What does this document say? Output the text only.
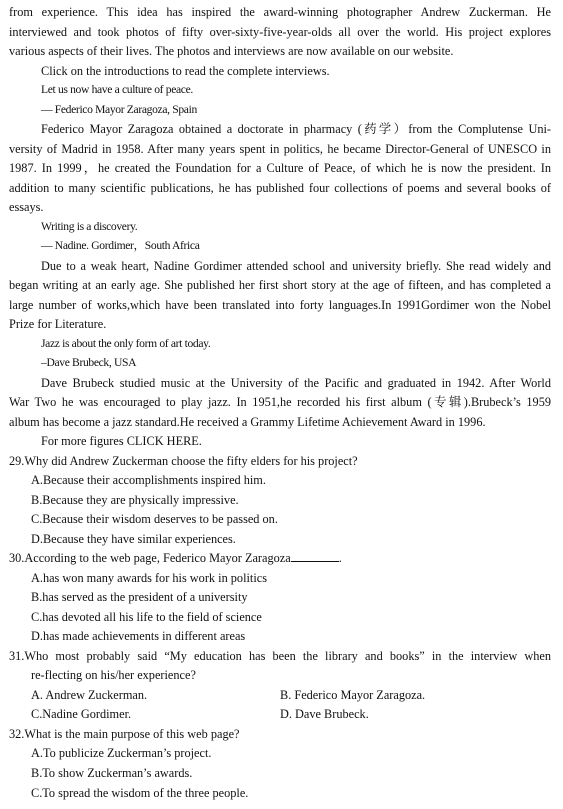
from experience. This idea has inspired the award-winning photographer Andrew Zuckerman. He
interviewed and took photos of fifty over-sixty-five-year-olds all over the world. His project explores
various aspects of their lives. The photos and interviews are now available on our website.
Click on the introductions to read the complete interviews.
Let us now have a culture of peace.
— Federico Mayor Zaragoza, Spain
Federico Mayor Zaragoza obtained a doctorate in pharmacy (药学）from the Complutense Uni-
versity of Madrid in 1958. After many years spent in politics, he became Director-General of UNESCO in
1987. In 1999，he created the Foundation for a Culture of Peace, of which he is now the president. In
addition to many scientific publications, he has published four collections of poems and several books of
essays.
Writing is a discovery.
— Nadine. Gordimer，South Africa
Due to a weak heart, Nadine Gordimer attended school and university briefly. She read widely and
began writing at an early age. She published her first short story at the age of fifteen, and has completed a
large number of works,which have been translated into forty languages.In 1991Gordimer won the Nobel
Prize for Literature.
Jazz is about the only form of art today.
–Dave Brubeck, USA
Dave Brubeck studied music at the University of the Pacific and graduated in 1942. After World
War Two he was encouraged to play jazz. In 1951,he recorded his first album (专辑).Brubeck’s 1959
album has become a jazz standard.He received a Grammy Lifetime Achievement Award in 1996.
For more figures CLICK HERE.
29.Why did Andrew Zuckerman choose the fifty elders for his project?
A.Because their accomplishments inspired him.
B.Because they are physically impressive.
C.Because their wisdom deserves to be passed on.
D.Because they have similar experiences.
30.According to the web page, Federico Mayor Zaragoza	.
A.has won many awards for his work in politics
B.has served as the president of a university
C.has devoted all his life to the field of science
D.has made achievements in different areas
31.Who most probably said “My education has been the library and books” in the interview when
re-flecting on his/her experience?
A. Andrew Zuckerman.	B. Federico Mayor Zaragoza.
C.Nadine Gordimer.	D. Dave Brubeck.
32.What is the main purpose of this web page?
A.To publicize Zuckerman’s project.
B.To show Zuckerman’s awards.
C.To spread the wisdom of the three people.
